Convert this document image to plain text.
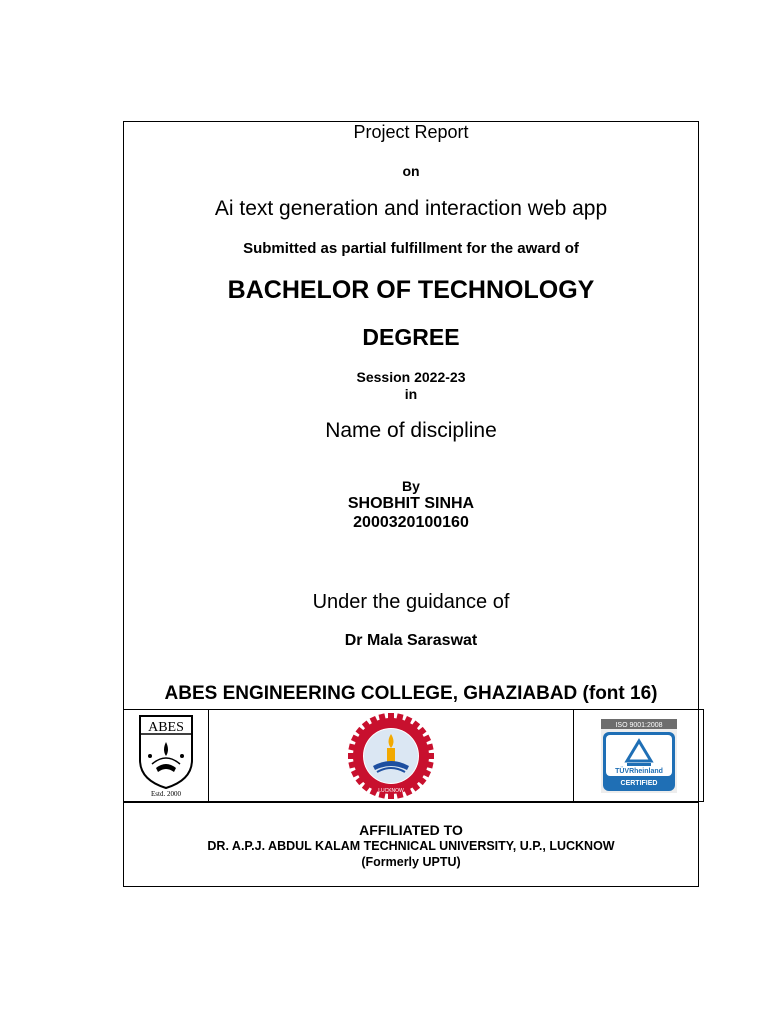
Project Report
on
Ai text generation and interaction web app
Submitted as partial fulfillment for the award of
BACHELOR OF TECHNOLOGY
DEGREE
Session 2022-23
in
Name of discipline
By
SHOBHIT SINHA
2000320100160
Under the guidance of
Dr Mala Saraswat
ABES ENGINEERING COLLEGE, GHAZIABAD (font 16)
ABES
Estd. 2000	LUCKNOW
ISO 9001:2008
TÜVRheinland
CERTIFIED
AFFILIATED TO
DR. A.P.J. ABDUL KALAM TECHNICAL UNIVERSITY, U.P., LUCKNOW
(Formerly UPTU)
